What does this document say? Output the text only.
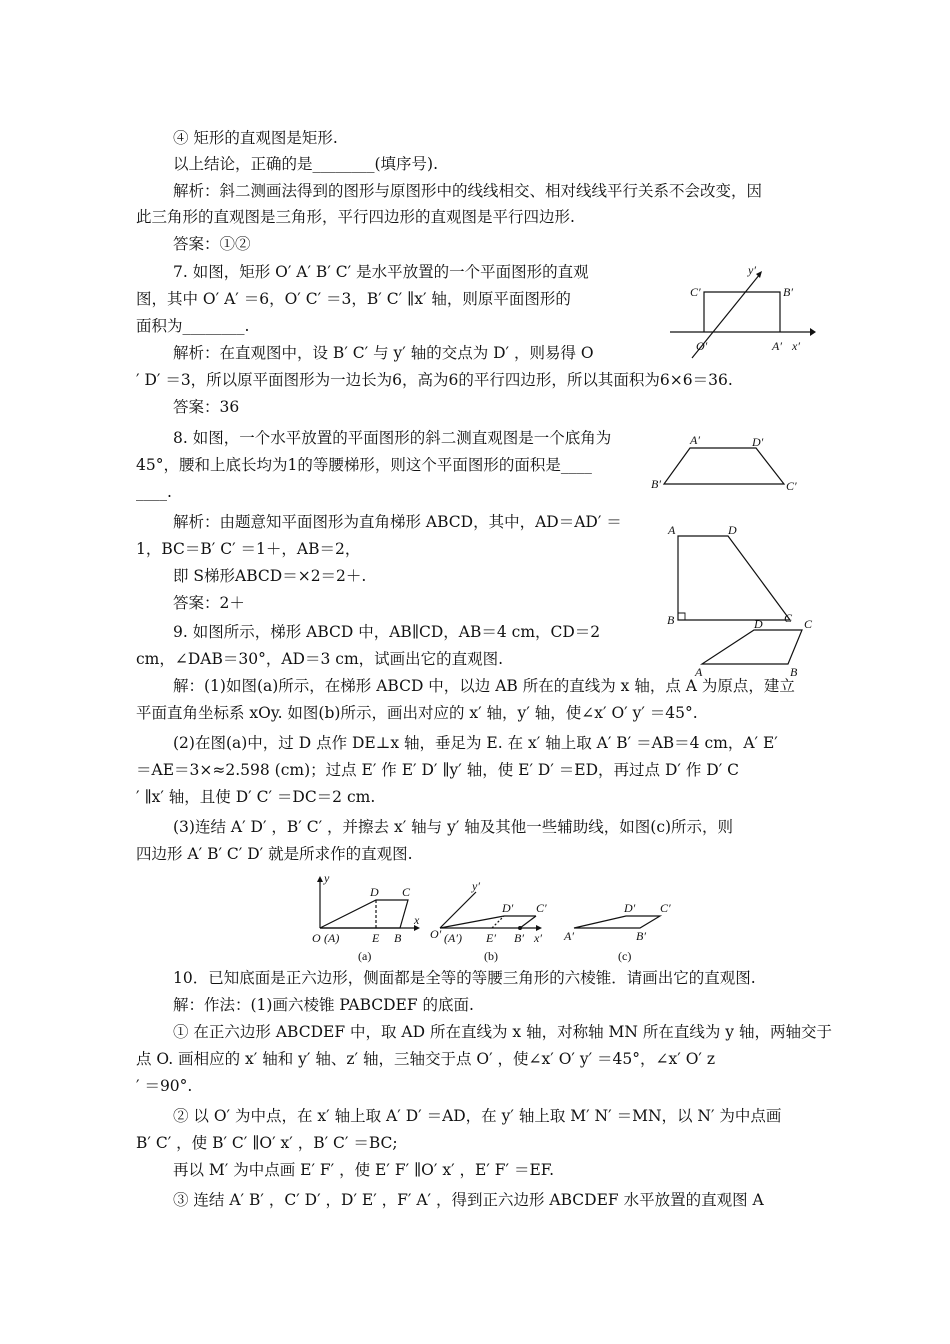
④ 矩形的直观图是矩形.
以上结论，正确的是________(填序号).
解析：斜二测画法得到的图形与原图形中的线线相交、相对线线平行关系不会改变，因
此三角形的直观图是三角形，平行四边形的直观图是平行四边形.
答案：①②
7. 如图，矩形 O′ A′ B′ C′ 是水平放置的一个平面图形的直观
图，其中 O′ A′ ＝6，O′ C′ ＝3，B′ C′ ∥x′ 轴，则原平面图形的
面积为________.
解析：在直观图中，设 B′ C′ 与 y′ 轴的交点为 D′ ，则易得 O
′ D′ ＝3，所以原平面图形为一边长为6，高为6的平行四边形，所以其面积为6×6＝36.
答案：36
8. 如图，一个水平放置的平面图形的斜二测直观图是一个底角为
45°，腰和上底长均为1的等腰梯形，则这个平面图形的面积是____
____.
解析：由题意知平面图形为直角梯形 ABCD，其中，AD＝AD′ ＝
1，BC＝B′ C′ ＝1＋，AB＝2，
即 S梯形ABCD＝×2＝2＋.
答案：2＋
9. 如图所示，梯形 ABCD 中，AB∥CD，AB＝4 cm，CD＝2
cm，∠DAB＝30°，AD＝3 cm，试画出它的直观图.
解：(1)如图(a)所示，在梯形 ABCD 中，以边 AB 所在的直线为 x 轴，点 A 为原点，建立
平面直角坐标系 xOy. 如图(b)所示，画出对应的 x′ 轴，y′ 轴，使∠x′ O′ y′ ＝45°.
(2)在图(a)中，过 D 点作 DE⊥x 轴，垂足为 E. 在 x′ 轴上取 A′ B′ ＝AB＝4 cm，A′ E′
＝AE＝3×≈2.598 (cm)；过点 E′ 作 E′ D′ ∥y′ 轴，使 E′ D′ ＝ED，再过点 D′ 作 D′ C
′ ∥x′ 轴，且使 D′ C′ ＝DC＝2 cm.
(3)连结 A′ D′ ，B′ C′ ，并擦去 x′ 轴与 y′ 轴及其他一些辅助线，如图(c)所示，则
四边形 A′ B′ C′ D′ 就是所求作的直观图.
10．已知底面是正六边形，侧面都是全等的等腰三角形的六棱锥．请画出它的直观图.
解：作法：(1)画六棱锥 PABCDEF 的底面.
① 在正六边形 ABCDEF 中，取 AD 所在直线为 x 轴，对称轴 MN 所在直线为 y 轴，两轴交于
点 O. 画相应的 x′ 轴和 y′ 轴、z′ 轴，三轴交于点 O′ ，使∠x′ O′ y′ ＝45°，∠x′ O′ z
′ ＝90°.
② 以 O′ 为中点，在 x′ 轴上取 A′ D′ ＝AD，在 y′ 轴上取 M′ N′ ＝MN，以 N′ 为中点画
B′ C′ ，使 B′ C′ ∥O′ x′ ，B′ C′ ＝BC;
再以 M′ 为中点画 E′ F′ ，使 E′ F′ ∥O′ x′ ，E′ F′ ＝EF.
③ 连结 A′ B′ ，C′ D′ ，D′ E′ ，F′ A′ ，得到正六边形 ABCDEF 水平放置的直观图 A
C′	B′
O′	A′ x′
y′
A′	D′
B′	C′
A	D
B	C
D	C
A	B
y
D C
O (A)	E B
x
(a)
y′
D′ C′
O′ (A′) E′ B′ x′
(b)
D′ C′
A′	B′
(c)
